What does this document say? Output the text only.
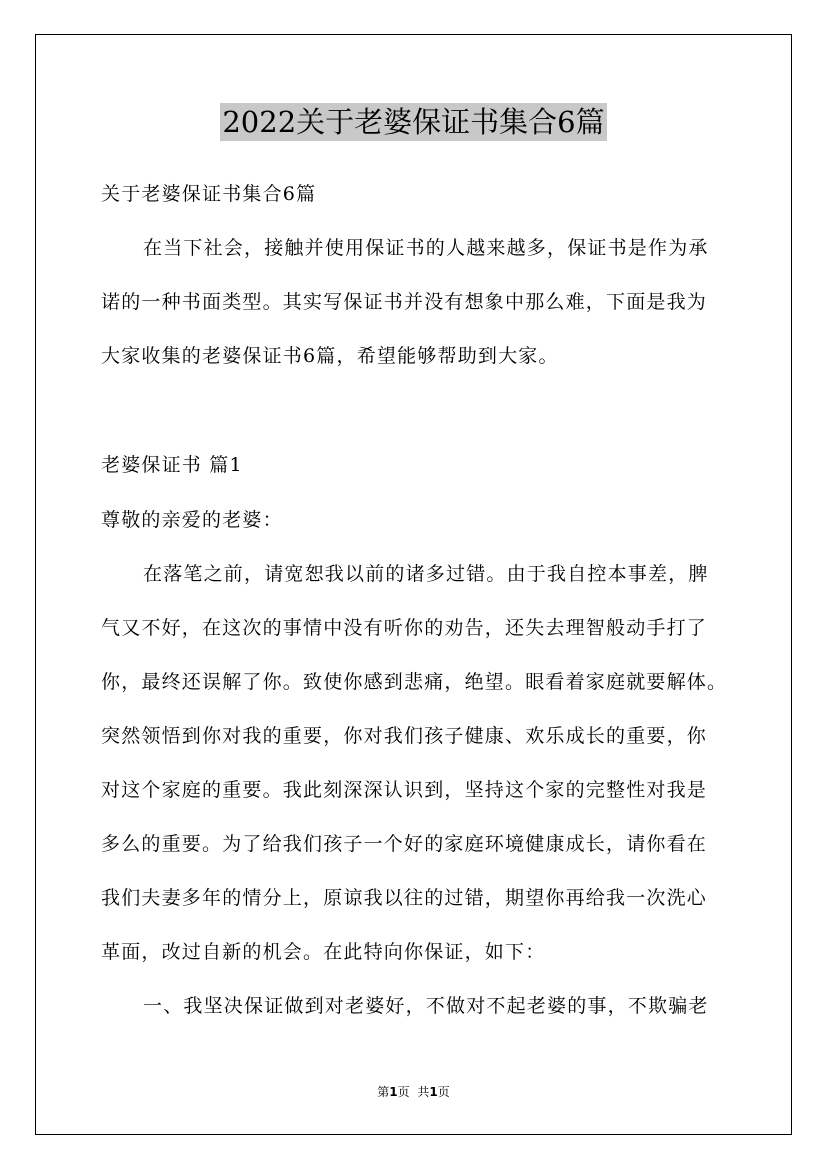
2022关于老婆保证书集合6篇
关于老婆保证书集合6篇
在当下社会，接触并使用保证书的人越来越多，保证书是作为承
诺的一种书面类型。其实写保证书并没有想象中那么难，下面是我为
大家收集的老婆保证书6篇，希望能够帮助到大家。
老婆保证书 篇1
尊敬的亲爱的老婆：
在落笔之前，请宽恕我以前的诸多过错。由于我自控本事差，脾
气又不好，在这次的事情中没有听你的劝告，还失去理智般动手打了
你，最终还误解了你。致使你感到悲痛，绝望。眼看着家庭就要解体。
突然领悟到你对我的重要，你对我们孩子健康、欢乐成长的重要，你
对这个家庭的重要。我此刻深深认识到，坚持这个家的完整性对我是
多么的重要。为了给我们孩子一个好的家庭环境健康成长，请你看在
我们夫妻多年的情分上，原谅我以往的过错，期望你再给我一次洗心
革面，改过自新的机会。在此特向你保证，如下：
一、我坚决保证做到对老婆好，不做对不起老婆的事，不欺骗老
第1页 共1页
